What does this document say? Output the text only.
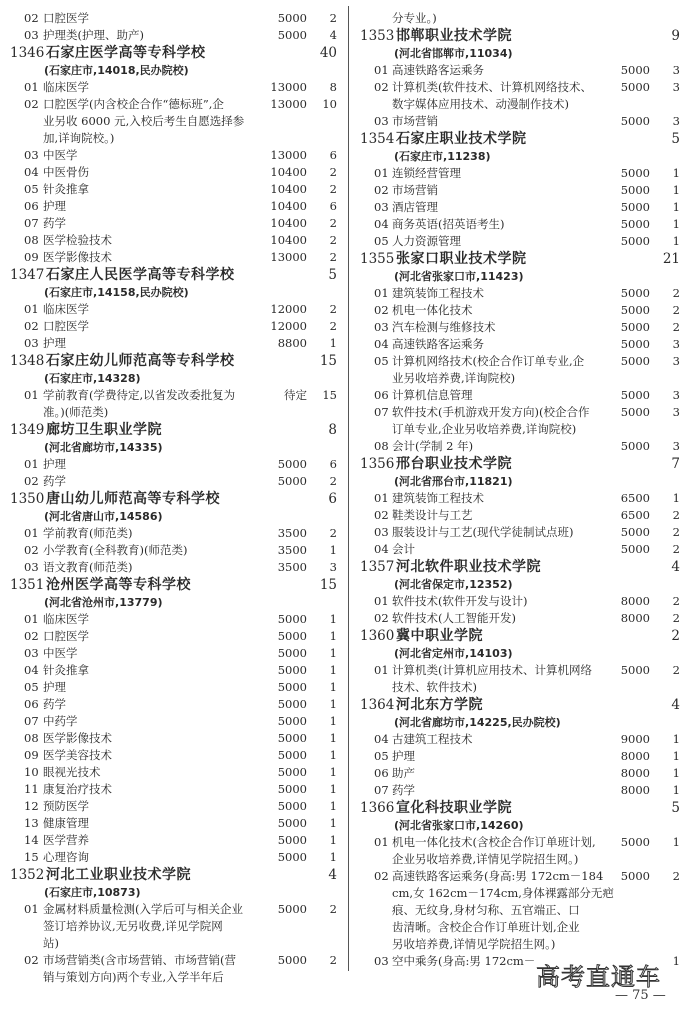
02 口腔医学	5000 2
03 护理类(护理、助产)	5000 4
1346 石家庄医学高等专科学校	40
(石家庄市,14018,民办院校)
01 临床医学	13000 8
02 口腔医学(内含校企合作“德标班”,企	13000 10
业另收 6000 元,入校后考生自愿选择参
加,详询院校。)
03 中医学	13000 6
04 中医骨伤	10400 2
05 针灸推拿	10400 2
06 护理	10400 6
07 药学	10400 2
08 医学检验技术	10400 2
09 医学影像技术	13000 2
1347 石家庄人民医学高等专科学校	5
(石家庄市,14158,民办院校)
01 临床医学	12000 2
02 口腔医学	12000 2
03 护理	8800 1
1348 石家庄幼儿师范高等专科学校	15
(石家庄市,14328)
01 学前教育(学费待定,以省发改委批复为	待定 15
准。)(师范类)
1349 廊坊卫生职业学院	8
(河北省廊坊市,14335)
01 护理	5000 6
02 药学	5000 2
1350 唐山幼儿师范高等专科学校	6
(河北省唐山市,14586)
01 学前教育(师范类)	3500 2
02 小学教育(全科教育)(师范类)	3500 1
03 语文教育(师范类)	3500 3
1351 沧州医学高等专科学校	15
(河北省沧州市,13779)
01 临床医学	5000 1
02 口腔医学	5000 1
03 中医学	5000 1
04 针灸推拿	5000 1
05 护理	5000 1
06 药学	5000 1
07 中药学	5000 1
08 医学影像技术	5000 1
09 医学美容技术	5000 1
10 眼视光技术	5000 1
11 康复治疗技术	5000 1
12 预防医学	5000 1
13 健康管理	5000 1
14 医学营养	5000 1
15 心理咨询	5000 1
1352 河北工业职业技术学院	4
(石家庄市,10873)
01 金属材料质量检测(入学后可与相关企业	5000 2
签订培养协议,无另收费,详见学院网
站)
02 市场营销类(含市场营销、市场营销(营	5000 2
销与策划方向)两个专业,入学半年后
分专业。)
1353 邯郸职业技术学院	9
(河北省邯郸市,11034)
01 高速铁路客运乘务	5000 3
02 计算机类(软件技术、计算机网络技术、 5000 3
数字媒体应用技术、动漫制作技术)
03 市场营销	5000 3
1354 石家庄职业技术学院	5
(石家庄市,11238)
01 连锁经营管理	5000 1
02 市场营销	5000 1
03 酒店管理	5000 1
04 商务英语(招英语考生)	5000 1
05 人力资源管理	5000 1
1355 张家口职业技术学院	21
(河北省张家口市,11423)
01 建筑装饰工程技术	5000 2
02 机电一体化技术	5000 2
03 汽车检测与维修技术	5000 2
04 高速铁路客运乘务	5000 3
05 计算机网络技术(校企合作订单专业,企	5000 3
业另收培养费,详询院校)
06 计算机信息管理	5000 3
07 软件技术(手机游戏开发方向)(校企合作	5000 3
订单专业,企业另收培养费,详询院校)
08 会计(学制 2 年)	5000 3
1356 邢台职业技术学院	7
(河北省邢台市,11821)
01 建筑装饰工程技术	6500 1
02 鞋类设计与工艺	6500 2
03 服装设计与工艺(现代学徒制试点班)	5000 2
04 会计	5000 2
1357 河北软件职业技术学院	4
(河北省保定市,12352)
01 软件技术(软件开发与设计)	8000 2
02 软件技术(人工智能开发)	8000 2
1360 冀中职业学院	2
(河北省定州市,14103)
01 计算机类(计算机应用技术、计算机网络 5000 2
技术、软件技术)
1364 河北东方学院	4
(河北省廊坊市,14225,民办院校)
04 古建筑工程技术	9000 1
05 护理	8000 1
06 助产	8000 1
07 药学	8000 1
1366 宣化科技职业学院	5
(河北省张家口市,14260)
01 机电一体化技术(含校企合作订单班计划, 5000 1
企业另收培养费,详情见学院招生网。)
02 高速铁路客运乘务(身高:男 172cm－184 5000 2
cm,女 162cm－174cm,身体裸露部分无疤
痕、无纹身,身材匀称、五官端正、口
齿清晰。含校企合作订单班计划,企业
另收培养费,详情见学院招生网。)
03 空中乘务(身高:男 172cm－	1
高考直通车
— 75 —
